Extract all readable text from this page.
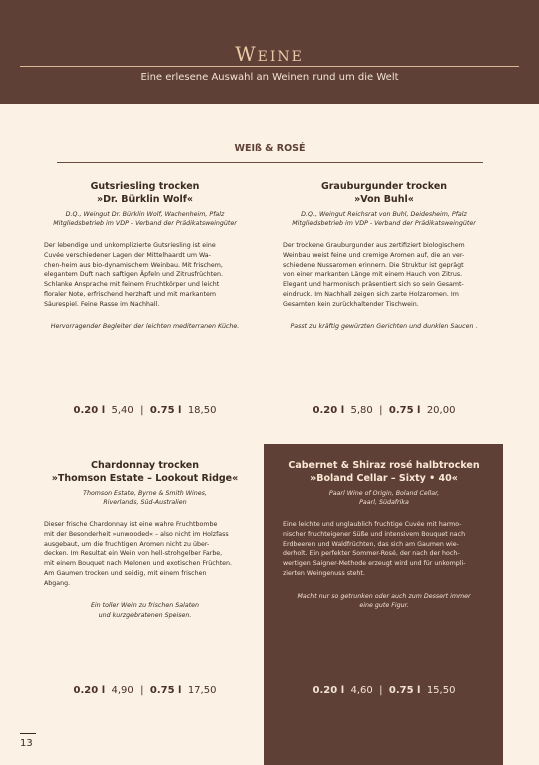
Weine
Eine erlesene Auswahl an Weinen rund um die Welt
WEIß & ROSÉ
Gutsriesling trocken
»Dr. Bürklin Wolf«
D.Q., Weingut Dr. Bürklin Wolf, Wachenheim, Pfalz
Mitgliedsbetrieb im VDP - Verband der Prädikatsweingüter
Der lebendige und unkomplizierte Gutsriesling ist eine
Cuvée verschiedener Lagen der Mittelhaardt um Wa-
chen-heim aus bio-dynamischem Weinbau. Mit frischem,
elegantem Duft nach saftigen Äpfeln und Zitrusfrüchten.
Schlanke Ansprache mit feinem Fruchtkörper und leicht
floraler Note, erfrischend herzhaft und mit markantem
Säurespiel. Feine Rasse im Nachhall.
Hervorragender Begleiter der leichten mediterranen Küche.
0.20 l 5,40  |  0.75 l 18,50
Grauburgunder trocken
»Von Buhl«
D.Q., Weingut Reichsrat von Buhl, Deidesheim, Pfalz
Mitgliedsbetrieb im VDP - Verband der Prädikatsweingüter
Der trockene Grauburgunder aus zertifiziert biologischem
Weinbau weist feine und cremige Aromen auf, die an ver-
schiedene Nussaromen erinnern. Die Struktur ist geprägt
von einer markanten Länge mit einem Hauch von Zitrus.
Elegant und harmonisch präsentiert sich so sein Gesamt-
eindruck. Im Nachhall zeigen sich zarte Holzaromen. Im
Gesamten kein zurückhaltender Tischwein.
Passt zu kräftig gewürzten Gerichten und dunklen Saucen .
0.20 l 5,80  |  0.75 l 20,00
Chardonnay trocken
»Thomson Estate – Lookout Ridge«
Thomson Estate, Byrne & Smith Wines,
Riverlands, Süd-Australien
Dieser frische Chardonnay ist eine wahre Fruchtbombe
mit der Besonderheit »unwooded« – also nicht im Holzfass
ausgebaut, um die fruchtigen Aromen nicht zu über-
decken. Im Resultat ein Wein von hell-strohgelber Farbe,
mit einem Bouquet nach Melonen und exotischen Früchten.
Am Gaumen trocken und seidig, mit einem frischen
Abgang.
Ein toller Wein zu frischen Salaten
und kurzgebratenen Speisen.
0.20 l 4,90  |  0.75 l 17,50
Cabernet & Shiraz rosé halbtrocken
»Boland Cellar – Sixty • 40«
Paarl Wine of Origin, Boland Cellar,
Paarl, Südafrika
Eine leichte und unglaublich fruchtige Cuvée mit harmo-
nischer fruchteigener Süße und intensivem Bouquet nach
Erdbeeren und Waldfrüchten, das sich am Gaumen wie-
derholt. Ein perfekter Sommer-Rosé, der nach der hoch-
wertigen Saigner-Methode erzeugt wird und für unkompli-
zierten Weingenuss steht.
Macht nur so getrunken oder auch zum Dessert immer
eine gute Figur.
0.20 l 4,60  |  0.75 l 15,50
13
